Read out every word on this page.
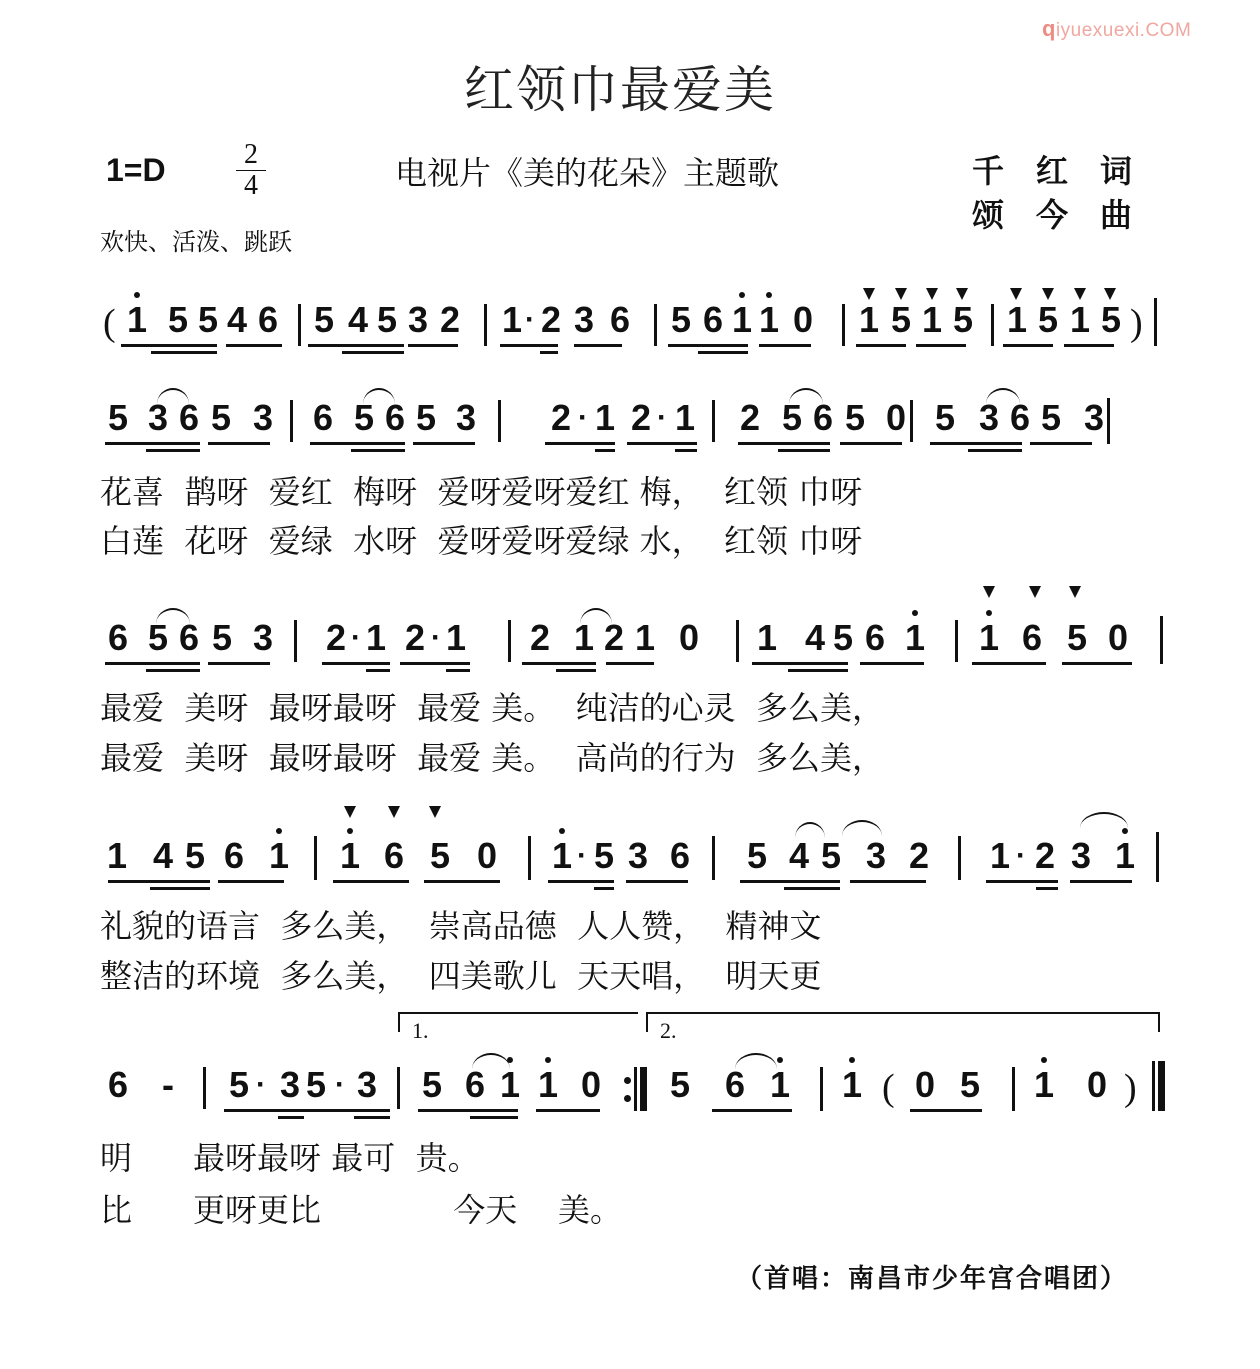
qiyuexuexi.COM
红领巾最爱美
1=D	2
4	电视片《美的花朵》主题歌	千红词
颂今曲
欢快、活泼、跳跃
( 1 5 5 4 6 5 4 5 3 2 1 · 2 3 6 5 6 1 1 0 1 5 1 5 1 5 1 5 )
5 3 6 5 3 6 5 6 5 3 2 · 1 2 · 1 2 5 6 5 0 5 3 6 5 3
花喜 鹊呀 爱红 梅呀 爱呀爱呀爱红 梅， 红领 巾呀
白莲 花呀 爱绿 水呀 爱呀爱呀爱绿 水， 红领 巾呀
6 5 6 5 3 2 · 1 2 · 1 2 1 2 1 0 1 4 5 6 1 1 6 5 0
最爱 美呀 最呀最呀 最爱 美。 纯洁的心灵 多么美，
最爱 美呀 最呀最呀 最爱 美。 高尚的行为 多么美，
1 4 5 6 1 1 6 5 0 1 · 5 3 6 5 4 5 3 2 1 · 2 3 1
礼貌的语言 多么美， 崇高品德 人人赞， 精神文
整洁的环境 多么美， 四美歌儿 天天唱， 明天更
1.	2.
6 - 5 · 3 5 · 3 5 6 1 1 0 5 6 1 1 ( 0 5 1 0 )
明 最呀最呀 最可 贵。
比 更呀更比	今天 美。
（首唱：南昌市少年宫合唱团）
